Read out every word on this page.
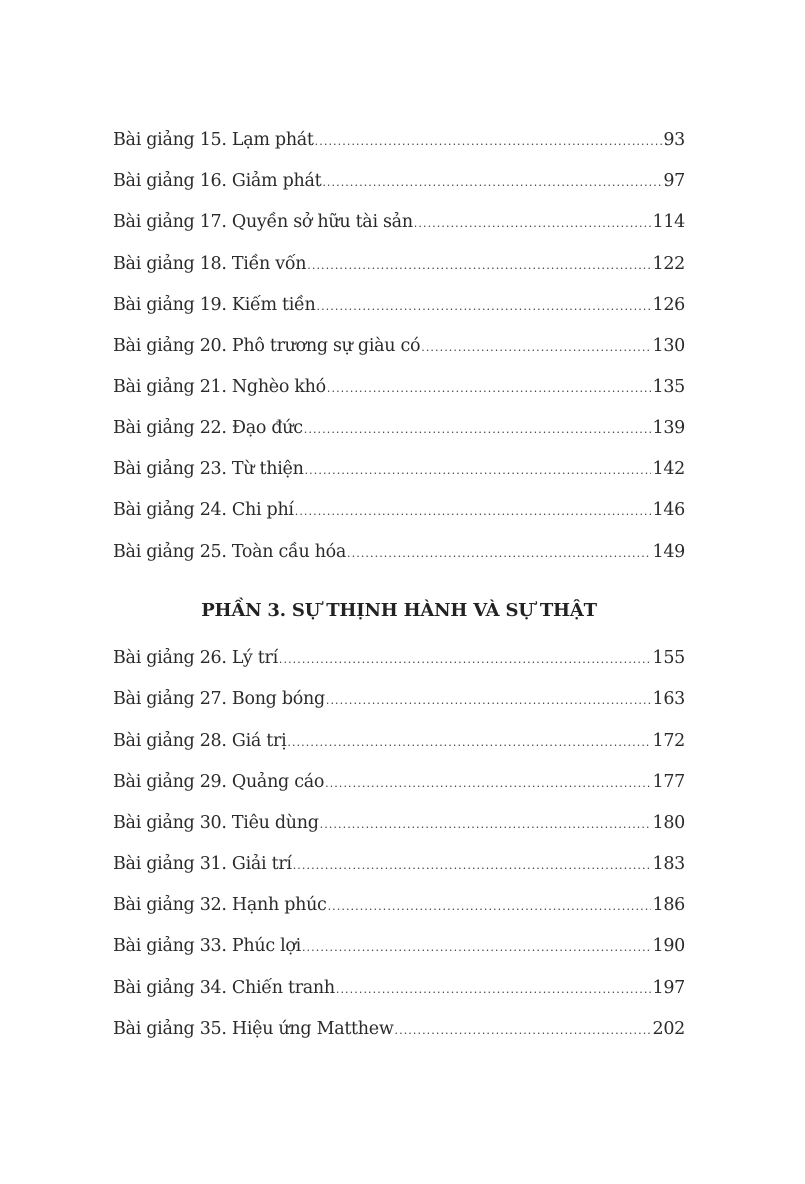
Bài giảng 15. Lạm phát .....	93
Bài giảng 16. Giảm phát .....	97
Bài giảng 17. Quyền sở hữu tài sản .....	114
Bài giảng 18. Tiền vốn .....	122
Bài giảng 19. Kiếm tiền .....	126
Bài giảng 20. Phô trương sự giàu có .....	130
Bài giảng 21. Nghèo khó .....	135
Bài giảng 22. Đạo đức .....	139
Bài giảng 23. Từ thiện .....	142
Bài giảng 24. Chi phí .....	146
Bài giảng 25. Toàn cầu hóa .....	149
PHẦN 3. SỰ THỊNH HÀNH VÀ SỰ THẬT
Bài giảng 26. Lý trí .....	155
Bài giảng 27. Bong bóng .....	163
Bài giảng 28. Giá trị .....	172
Bài giảng 29. Quảng cáo .....	177
Bài giảng 30. Tiêu dùng .....	180
Bài giảng 31. Giải trí .....	183
Bài giảng 32. Hạnh phúc .....	186
Bài giảng 33. Phúc lợi .....	190
Bài giảng 34. Chiến tranh .....	197
Bài giảng 35. Hiệu ứng Matthew .....	202
